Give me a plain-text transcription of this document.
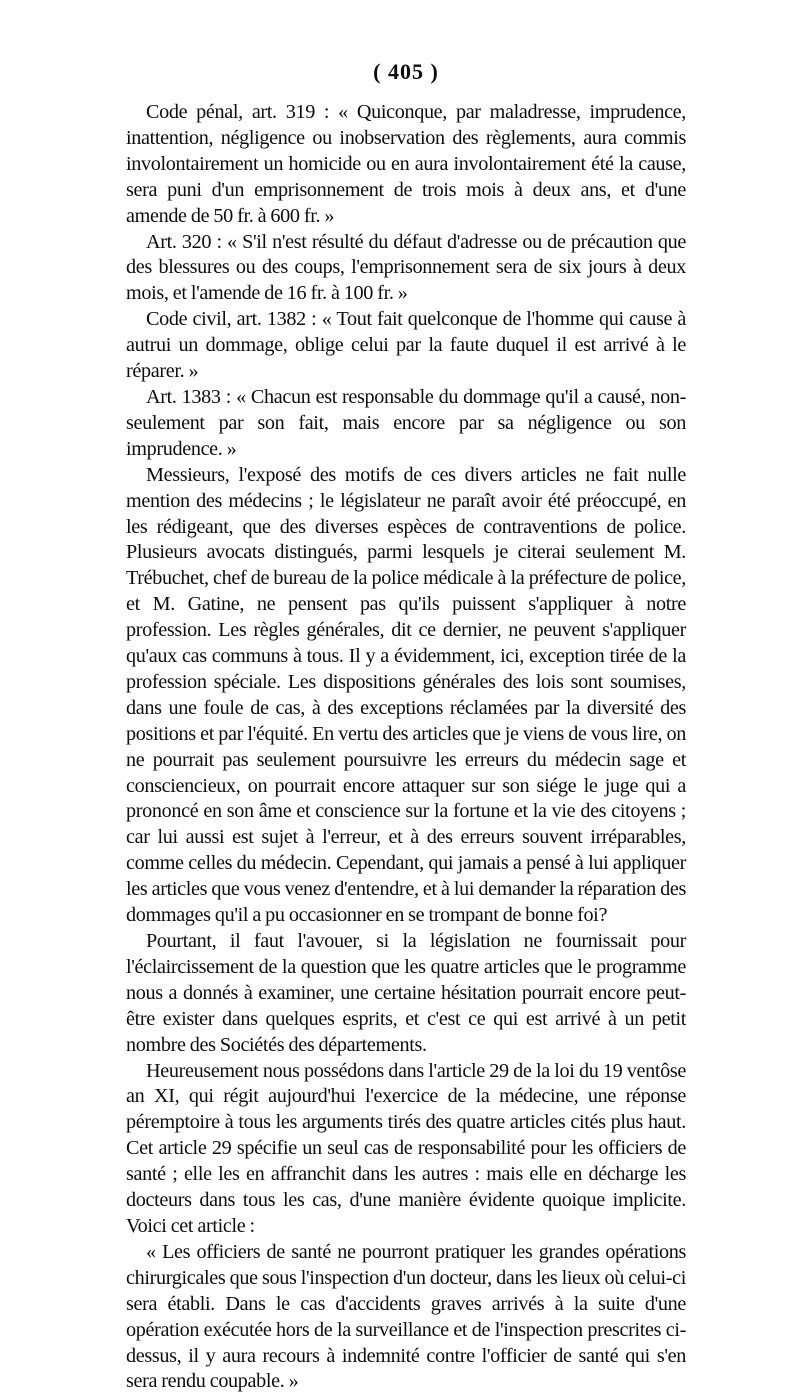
( 405 )

Code pénal, art. 319 : « Quiconque, par maladresse, imprudence, inattention, négligence ou inobservation des règlements, aura commis involontairement un homicide ou en aura involontairement été la cause, sera puni d'un emprisonnement de trois mois à deux ans, et d'une amende de 50 fr. à 600 fr. »

Art. 320 : « S'il n'est résulté du défaut d'adresse ou de précaution que des blessures ou des coups, l'emprisonnement sera de six jours à deux mois, et l'amende de 16 fr. à 100 fr. »

Code civil, art. 1382 : « Tout fait quelconque de l'homme qui cause à autrui un dommage, oblige celui par la faute duquel il est arrivé à le réparer. »

Art. 1383 : « Chacun est responsable du dommage qu'il a causé, non-seulement par son fait, mais encore par sa négligence ou son imprudence. »

Messieurs, l'exposé des motifs de ces divers articles ne fait nulle mention des médecins ; le législateur ne paraît avoir été préoccupé, en les rédigeant, que des diverses espèces de contraventions de police. Plusieurs avocats distingués, parmi lesquels je citerai seulement M. Trébuchet, chef de bureau de la police médicale à la préfecture de police, et M. Gatine, ne pensent pas qu'ils puissent s'appliquer à notre profession. Les règles générales, dit ce dernier, ne peuvent s'appliquer qu'aux cas communs à tous. Il y a évidemment, ici, exception tirée de la profession spéciale. Les dispositions générales des lois sont soumises, dans une foule de cas, à des exceptions réclamées par la diversité des positions et par l'équité. En vertu des articles que je viens de vous lire, on ne pourrait pas seulement poursuivre les erreurs du médecin sage et consciencieux, on pourrait encore attaquer sur son siége le juge qui a prononcé en son âme et conscience sur la fortune et la vie des citoyens ; car lui aussi est sujet à l'erreur, et à des erreurs souvent irréparables, comme celles du médecin. Cependant, qui jamais a pensé à lui appliquer les articles que vous venez d'entendre, et à lui demander la réparation des dommages qu'il a pu occasionner en se trompant de bonne foi?

Pourtant, il faut l'avouer, si la législation ne fournissait pour l'éclaircissement de la question que les quatre articles que le programme nous a donnés à examiner, une certaine hésitation pourrait encore peut-être exister dans quelques esprits, et c'est ce qui est arrivé à un petit nombre des Sociétés des départements.

Heureusement nous possédons dans l'article 29 de la loi du 19 ventôse an XI, qui régit aujourd'hui l'exercice de la médecine, une réponse péremptoire à tous les arguments tirés des quatre articles cités plus haut. Cet article 29 spécifie un seul cas de responsabilité pour les officiers de santé ; elle les en affranchit dans les autres : mais elle en décharge les docteurs dans tous les cas, d'une manière évidente quoique implicite. Voici cet article :

« Les officiers de santé ne pourront pratiquer les grandes opérations chirurgicales que sous l'inspection d'un docteur, dans les lieux où celui-ci sera établi. Dans le cas d'accidents graves arrivés à la suite d'une opération exécutée hors de la surveillance et de l'inspection prescrites ci-dessus, il y aura recours à indemnité contre l'officier de santé qui s'en sera rendu coupable. »
